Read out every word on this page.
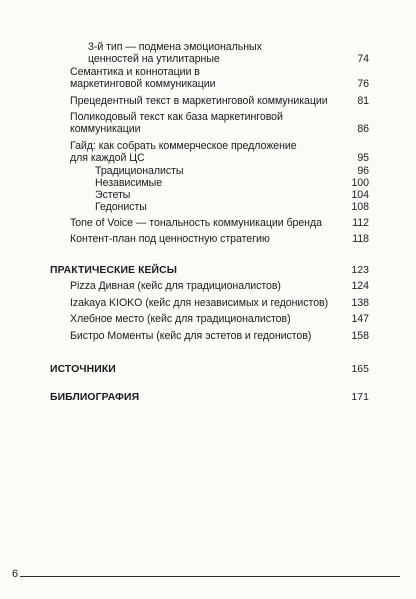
3-й тип — подмена эмоциональных ценностей на утилитарные	74
Семантика и коннотации в маркетинговой коммуникации	76
Прецедентный текст в маркетинговой коммуникации	81
Поликодовый текст как база маркетинговой коммуникации	86
Гайд: как собрать коммерческое предложение для каждой ЦС	95
Традиционалисты	96
Независимые	100
Эстеты	104
Гедонисты	108
Tone of Voice — тональность коммуникации бренда	112
Контент-план под ценностную стратегию	118
ПРАКТИЧЕСКИЕ КЕЙСЫ	123
Pizza Дивная (кейс для традиционалистов)	124
Izakaya KIOKO (кейс для независимых и гедонистов)	138
Хлебное место (кейс для традиционалистов)	147
Бистро Моменты (кейс для эстетов и гедонистов)	158
ИСТОЧНИКИ	165
БИБЛИОГРАФИЯ	171
6
